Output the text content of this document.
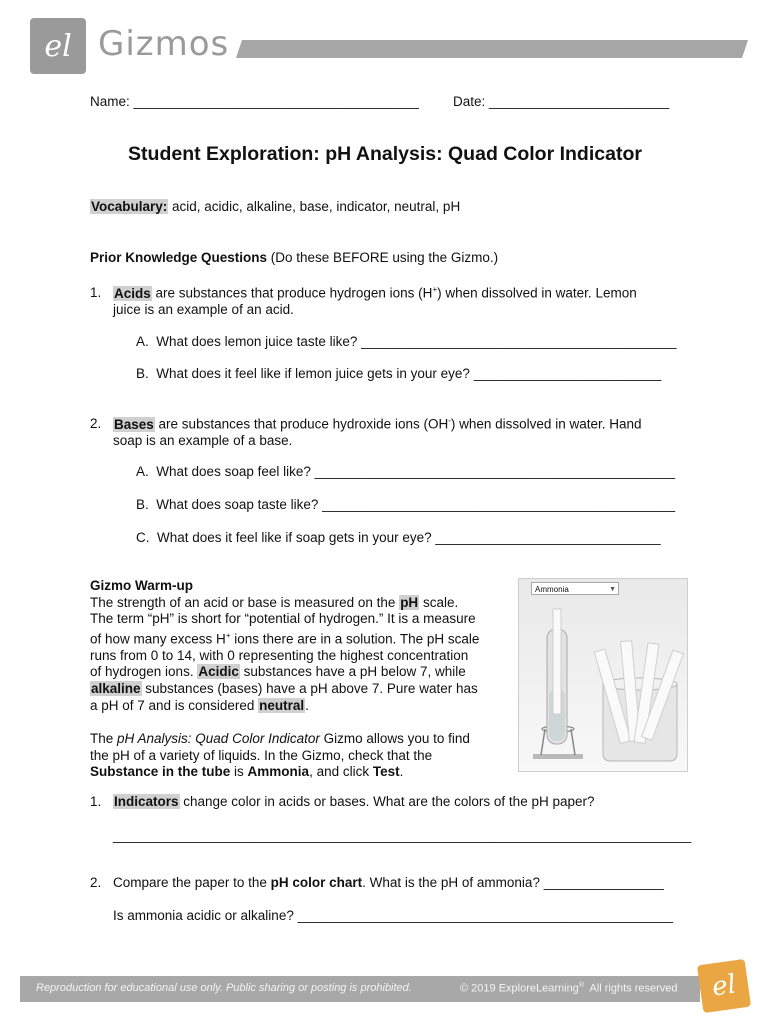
el Gizmos
Name: ______________________________________	Date: ________________________
Student Exploration: pH Analysis: Quad Color Indicator
Vocabulary: acid, acidic, alkaline, base, indicator, neutral, pH
Prior Knowledge Questions (Do these BEFORE using the Gizmo.)
1. Acids are substances that produce hydrogen ions (H+) when dissolved in water. Lemon
juice is an example of an acid.
A. What does lemon juice taste like? __________________________________________
B. What does it feel like if lemon juice gets in your eye? _________________________
2. Bases are substances that produce hydroxide ions (OH-) when dissolved in water. Hand
soap is an example of a base.
A. What does soap feel like? ________________________________________________
B. What does soap taste like? _______________________________________________
C. What does it feel like if soap gets in your eye? ______________________________
Gizmo Warm-up
The strength of an acid or base is measured on the pH scale.
The term “pH” is short for “potential of hydrogen.” It is a measure
of how many excess H+ ions there are in a solution. The pH scale
runs from 0 to 14, with 0 representing the highest concentration
of hydrogen ions. Acidic substances have a pH below 7, while
alkaline substances (bases) have a pH above 7. Pure water has
a pH of 7 and is considered neutral.
The pH Analysis: Quad Color Indicator Gizmo allows you to find
the pH of a variety of liquids. In the Gizmo, check that the
Substance in the tube is Ammonia, and click Test.
Ammonia	▼
1. Indicators change color in acids or bases. What are the colors of the pH paper?
_____________________________________________________________________________
2. Compare the paper to the pH color chart. What is the pH of ammonia? ________________
Is ammonia acidic or alkaline? __________________________________________________
Reproduction for educational use only. Public sharing or posting is prohibited.	© 2019 ExploreLearning®  All rights reserved el
